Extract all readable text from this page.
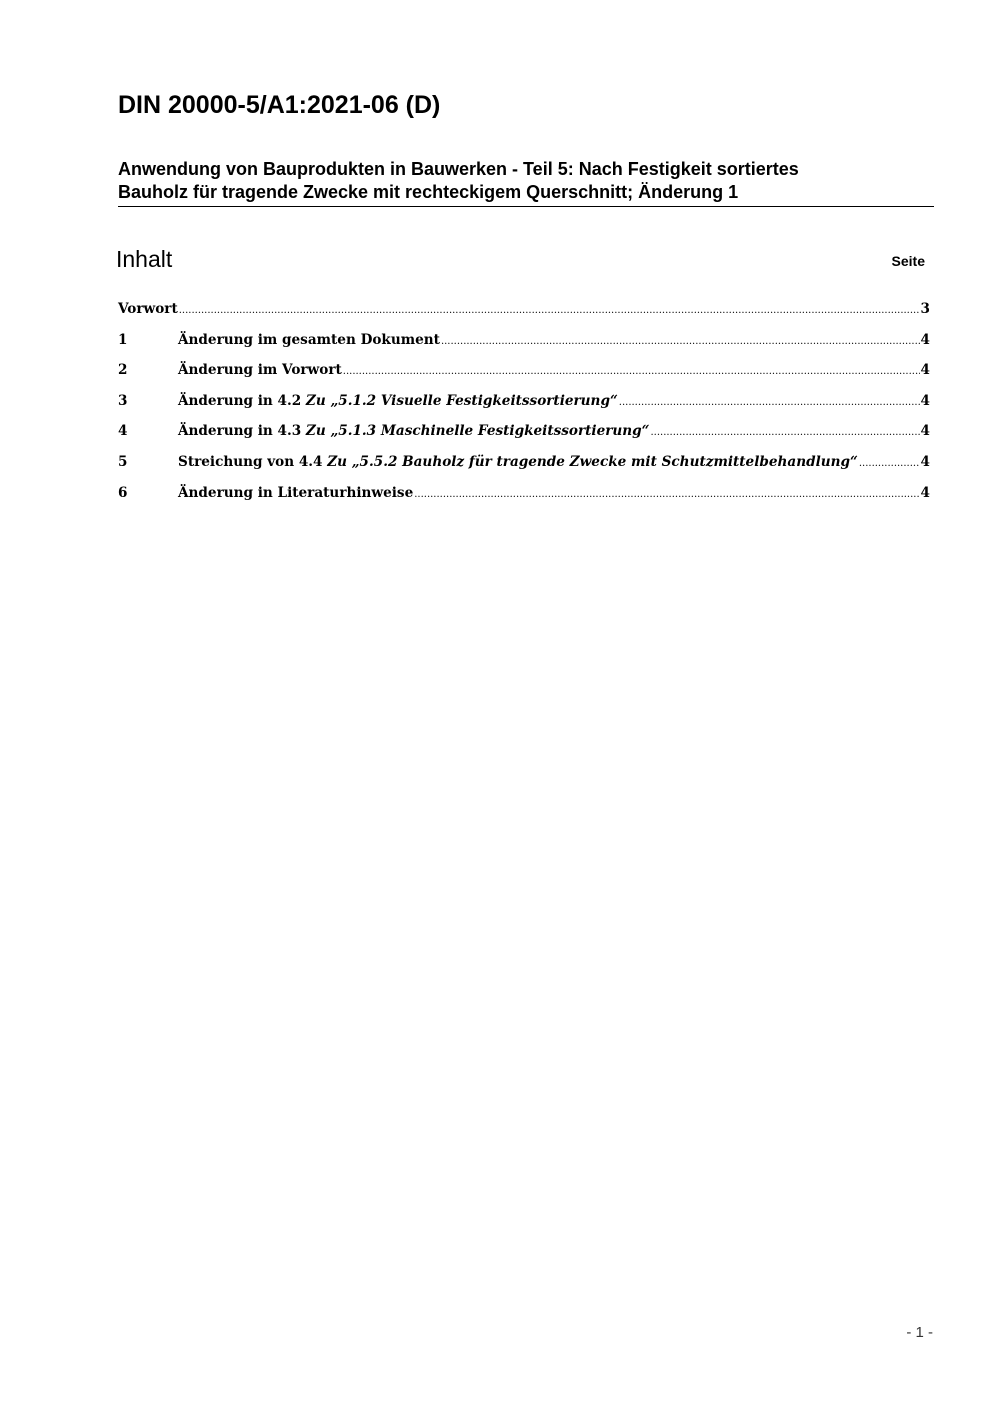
DIN 20000-5/A1:2021-06 (D)
Anwendung von Bauprodukten in Bauwerken - Teil 5: Nach Festigkeit sortiertes
Bauholz für tragende Zwecke mit rechteckigem Querschnitt; Änderung 1
Inhalt	Seite
Vorwort .....	3
1	Änderung im gesamten Dokument .....	4
2	Änderung im Vorwort .....	4
3	Änderung in 4.2 Zu „5.1.2 Visuelle Festigkeitssortierung“ .....	4
4	Änderung in 4.3 Zu „5.1.3 Maschinelle Festigkeitssortierung“ .....	4
5	Streichung von 4.4 Zu „5.5.2 Bauholz für tragende Zwecke mit Schutzmittelbehandlung“ .....	4
6	Änderung in Literaturhinweise .....	4
- 1 -
